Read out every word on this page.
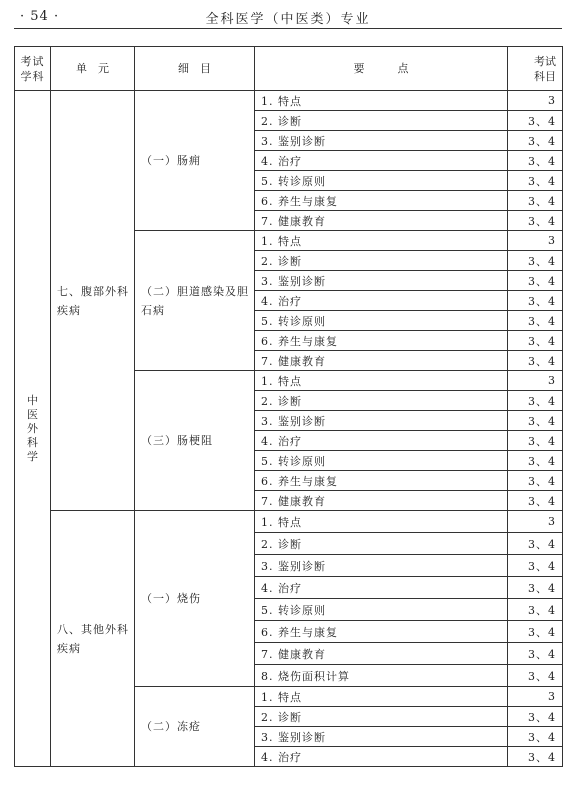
· 54 ·	全科医学（中医类）专业
考试
学科	单　元	细　目	要　　　点	考试
科目
中医外科学	七、腹部外科疾病	（一）肠痈	1. 特点	3
			2. 诊断	3、4
			3. 鉴别诊断	3、4
			4. 治疗	3、4
			5. 转诊原则	3、4
			6. 养生与康复	3、4
			7. 健康教育	3、4
		（二）胆道感染及胆石病	1. 特点	3
			2. 诊断	3、4
			3. 鉴别诊断	3、4
			4. 治疗	3、4
			5. 转诊原则	3、4
			6. 养生与康复	3、4
			7. 健康教育	3、4
		（三）肠梗阻	1. 特点	3
			2. 诊断	3、4
			3. 鉴别诊断	3、4
			4. 治疗	3、4
			5. 转诊原则	3、4
			6. 养生与康复	3、4
			7. 健康教育	3、4
	八、其他外科疾病	（一）烧伤	1. 特点	3
			2. 诊断	3、4
			3. 鉴别诊断	3、4
			4. 治疗	3、4
			5. 转诊原则	3、4
			6. 养生与康复	3、4
			7. 健康教育	3、4
			8. 烧伤面积计算	3、4
		（二）冻疮	1. 特点	3
			2. 诊断	3、4
			3. 鉴别诊断	3、4
			4. 治疗	3、4
